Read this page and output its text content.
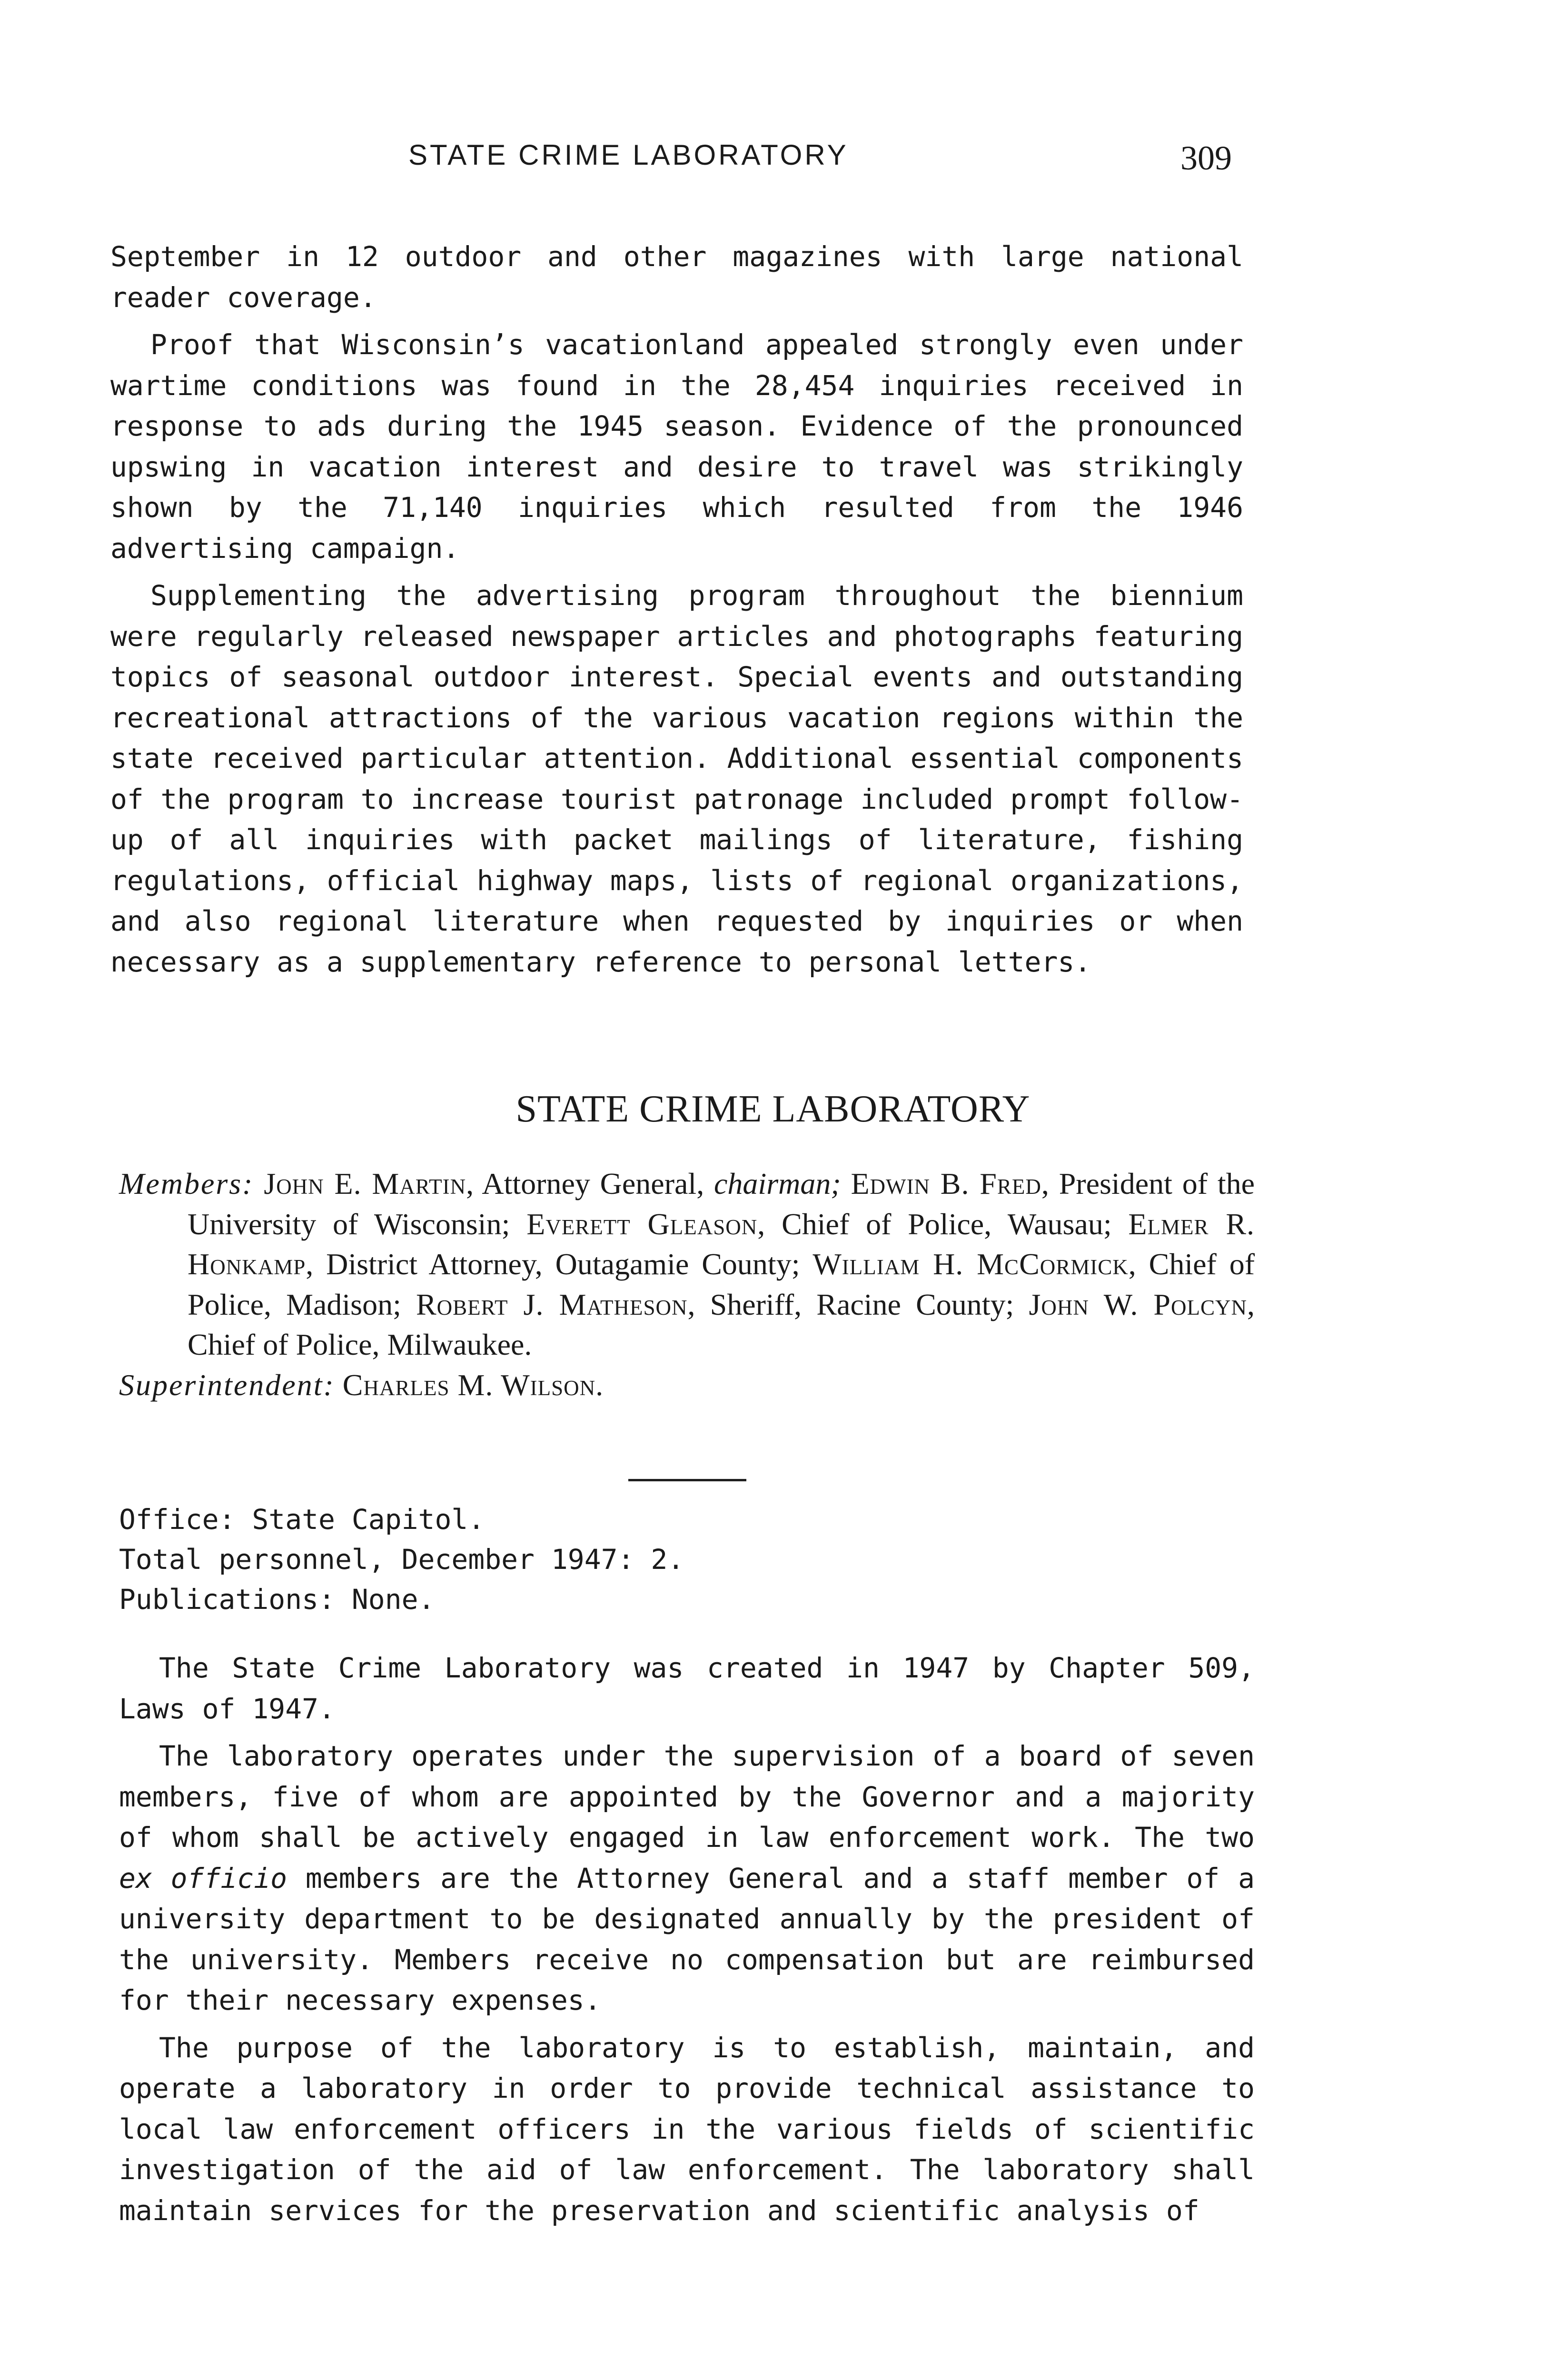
STATE CRIME LABORATORY	309

September in 12 outdoor and other magazines with large national reader coverage.

Proof that Wisconsin’s vacationland appealed strongly even under wartime conditions was found in the 28,454 inquiries received in response to ads during the 1945 season. Evidence of the pronounced upswing in vacation interest and desire to travel was strikingly shown by the 71,140 inquiries which resulted from the 1946 advertising campaign.

Supplementing the advertising program throughout the biennium were regularly released newspaper articles and photographs featuring topics of seasonal outdoor interest. Special events and outstanding recreational attractions of the various vacation regions within the state received particular attention. Additional essential components of the program to increase tourist patronage included prompt follow-up of all inquiries with packet mailings of literature, fishing regulations, official highway maps, lists of regional organizations, and also regional literature when requested by inquiries or when necessary as a supplementary reference to personal letters.

STATE CRIME LABORATORY

Members: John E. Martin, Attorney General, chairman; Edwin B. Fred, President of the University of Wisconsin; Everett Gleason, Chief of Police, Wausau; Elmer R. Honkamp, District Attorney, Outagamie County; William H. McCormick, Chief of Police, Madison; Robert J. Matheson, Sheriff, Racine County; John W. Polcyn, Chief of Police, Milwaukee.

Superintendent: Charles M. Wilson.

Office: State Capitol.

Total personnel, December 1947: 2.

Publications: None.

The State Crime Laboratory was created in 1947 by Chapter 509, Laws of 1947.

The laboratory operates under the supervision of a board of seven members, five of whom are appointed by the Governor and a majority of whom shall be actively engaged in law enforcement work. The two ex officio members are the Attorney General and a staff member of a university department to be designated annually by the president of the university. Members receive no compensation but are reimbursed for their necessary expenses.

The purpose of the laboratory is to establish, maintain, and operate a laboratory in order to provide technical assistance to local law enforcement officers in the various fields of scientific investigation of the aid of law enforcement. The laboratory shall maintain services for the preservation and scientific analysis of
